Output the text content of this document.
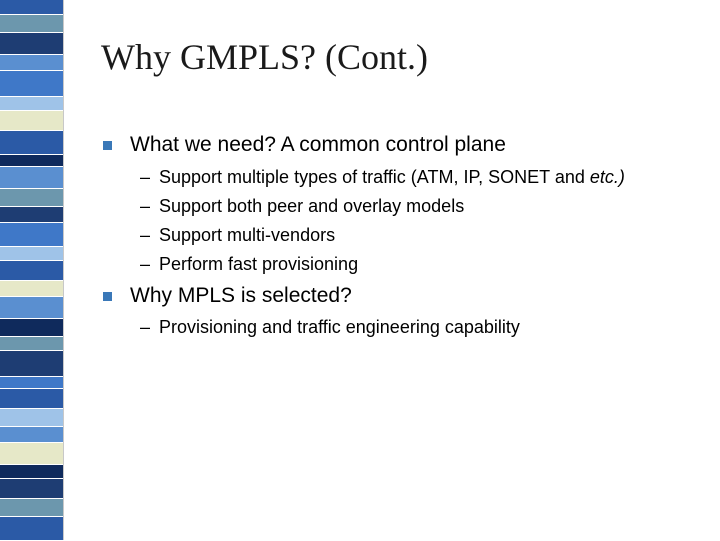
Why GMPLS? (Cont.)
What we need? A common control plane
– Support multiple types of traffic (ATM, IP, SONET and etc.)
– Support both peer and overlay models
– Support multi-vendors
– Perform fast provisioning
Why MPLS is selected?
– Provisioning and traffic engineering capability
